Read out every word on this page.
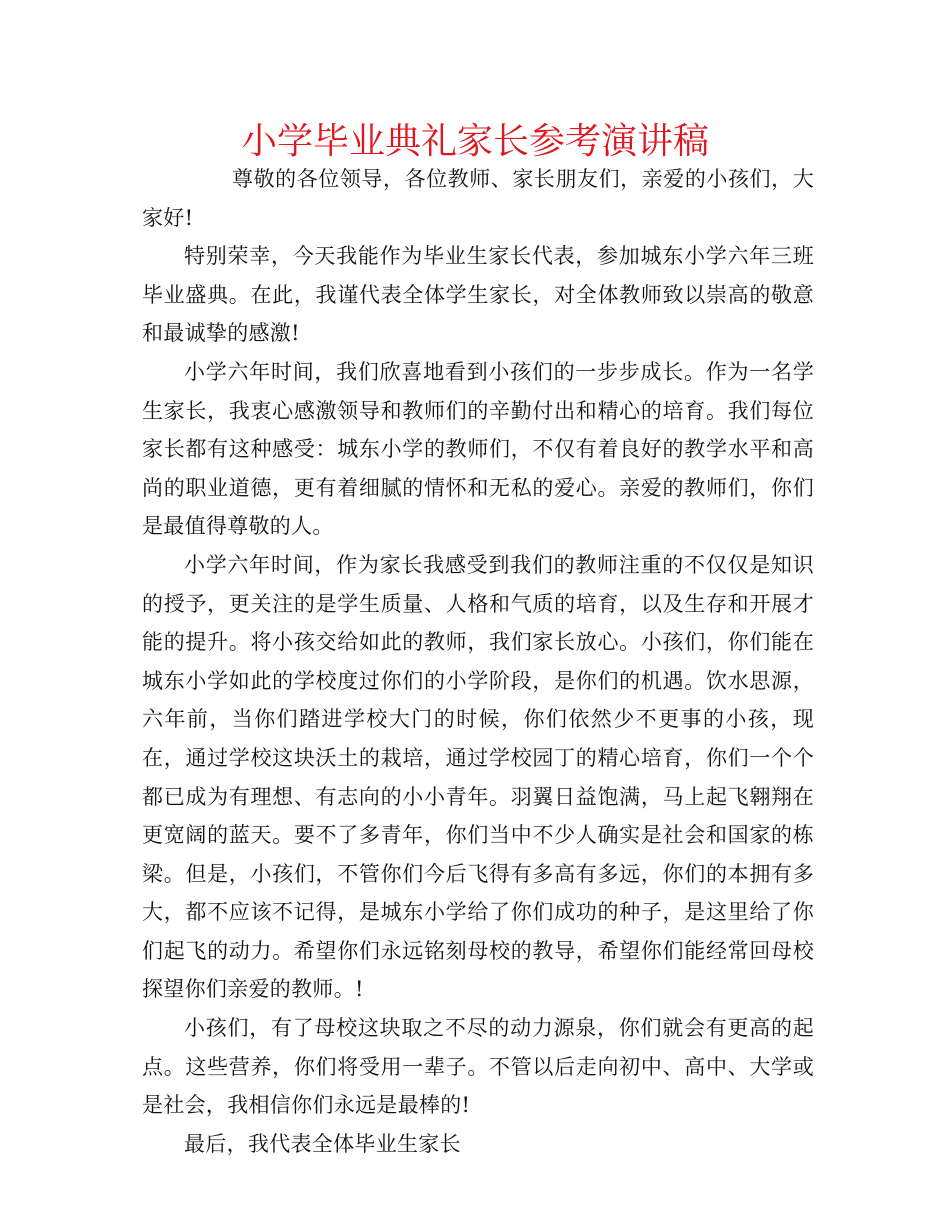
小学毕业典礼家长参考演讲稿

尊敬的各位领导，各位教师、家长朋友们，亲爱的小孩们，大家好!

特别荣幸，今天我能作为毕业生家长代表，参加城东小学六年三班毕业盛典。在此，我谨代表全体学生家长，对全体教师致以崇高的敬意和最诚挚的感激!

小学六年时间，我们欣喜地看到小孩们的一步步成长。作为一名学生家长，我衷心感激领导和教师们的辛勤付出和精心的培育。我们每位家长都有这种感受：城东小学的教师们，不仅有着良好的教学水平和高尚的职业道德，更有着细腻的情怀和无私的爱心。亲爱的教师们，你们是最值得尊敬的人。

小学六年时间，作为家长我感受到我们的教师注重的不仅仅是知识的授予，更关注的是学生质量、人格和气质的培育，以及生存和开展才能的提升。将小孩交给如此的教师，我们家长放心。小孩们，你们能在城东小学如此的学校度过你们的小学阶段，是你们的机遇。饮水思源，六年前，当你们踏进学校大门的时候，你们依然少不更事的小孩，现在，通过学校这块沃土的栽培，通过学校园丁的精心培育，你们一个个都已成为有理想、有志向的小小青年。羽翼日益饱满，马上起飞翱翔在更宽阔的蓝天。要不了多青年，你们当中不少人确实是社会和国家的栋梁。但是，小孩们，不管你们今后飞得有多高有多远，你们的本拥有多大，都不应该不记得，是城东小学给了你们成功的种子，是这里给了你们起飞的动力。希望你们永远铭刻母校的教导，希望你们能经常回母校探望你们亲爱的教师。!

小孩们，有了母校这块取之不尽的动力源泉，你们就会有更高的起点。这些营养，你们将受用一辈子。不管以后走向初中、高中、大学或是社会，我相信你们永远是最棒的!

最后，我代表全体毕业生家长
